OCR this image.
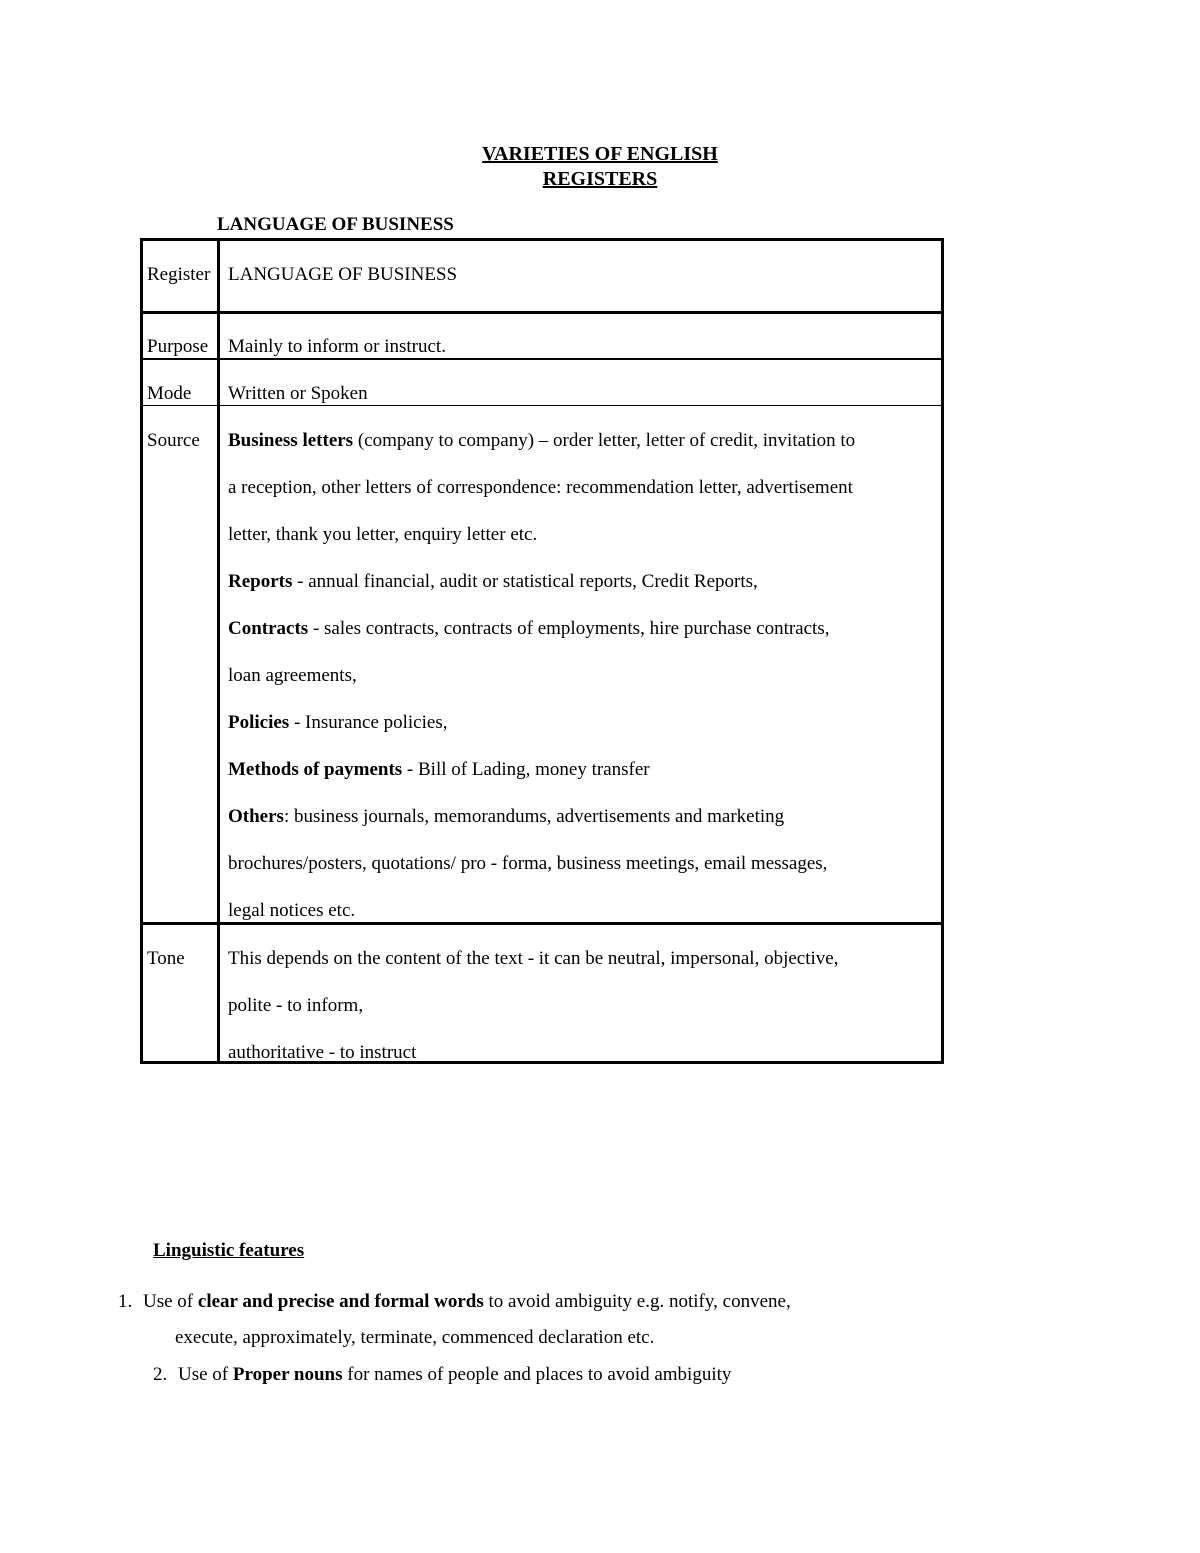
VARIETIES OF ENGLISH
REGISTERS
LANGUAGE OF BUSINESS
Register LANGUAGE OF BUSINESS
Purpose Mainly to inform or instruct.
Mode Written or Spoken
Source Business letters (company to company) – order letter, letter of credit, invitation to
a reception, other letters of correspondence: recommendation letter, advertisement
letter, thank you letter, enquiry letter etc.
Reports - annual financial, audit or statistical reports, Credit Reports,
Contracts - sales contracts, contracts of employments, hire purchase contracts,
loan agreements,
Policies - Insurance policies,
Methods of payments - Bill of Lading, money transfer
Others: business journals, memorandums, advertisements and marketing
brochures/posters, quotations/ pro - forma, business meetings, email messages,
legal notices etc.
Tone This depends on the content of the text - it can be neutral, impersonal, objective,
polite - to inform,
authoritative - to instruct
Linguistic features
1. Use of clear and precise and formal words to avoid ambiguity e.g. notify, convene,
execute, approximately, terminate, commenced declaration etc.
2. Use of Proper nouns for names of people and places to avoid ambiguity
